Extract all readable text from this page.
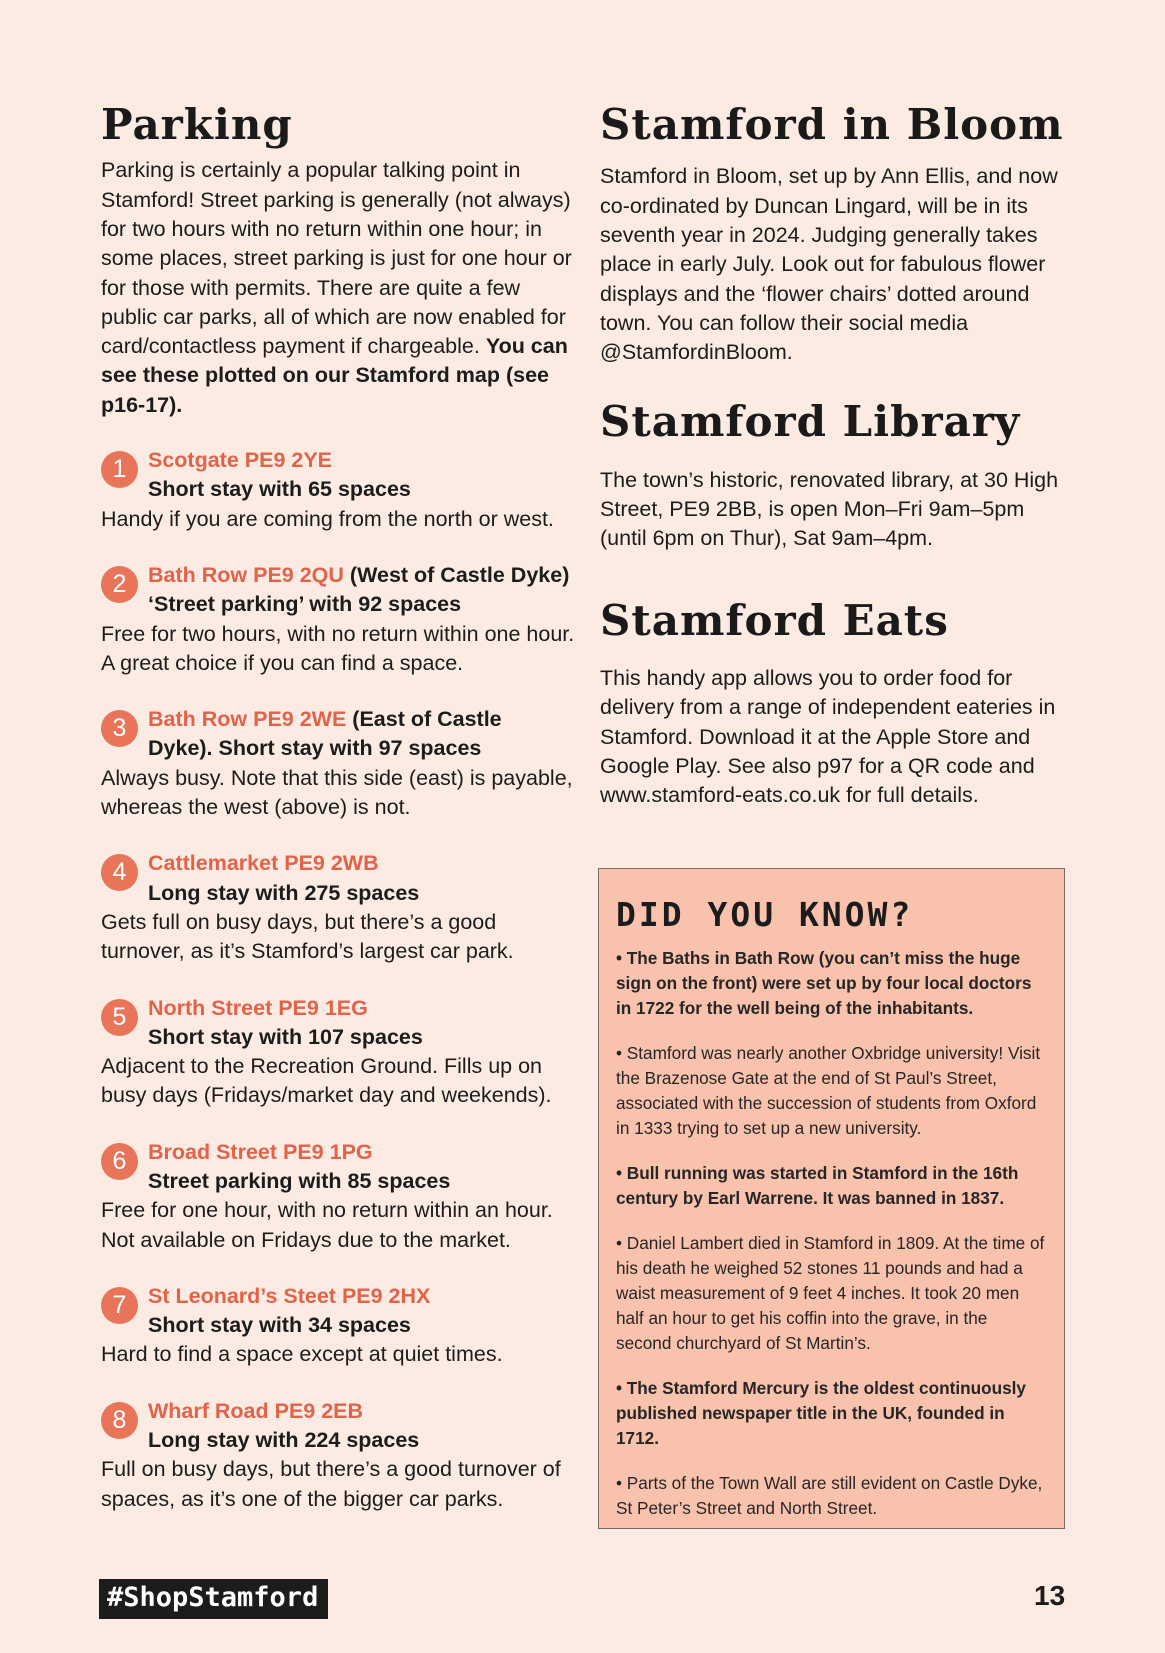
Parking

Parking is certainly a popular talking point in Stamford! Street parking is generally (not always) for two hours with no return within one hour; in some places, street parking is just for one hour or for those with permits. There are quite a few public car parks, all of which are now enabled for card/contactless payment if chargeable. You can see these plotted on our Stamford map (see p16-17).

1	Scotgate PE9 2YE
Short stay with 65 spaces
Handy if you are coming from the north or west.
2	Bath Row PE9 2QU (West of Castle Dyke)
‘Street parking’ with 92 spaces
Free for two hours, with no return within one hour. A great choice if you can find a space.
3	Bath Row PE9 2WE (East of Castle
Dyke). Short stay with 97 spaces
Always busy. Note that this side (east) is payable, whereas the west (above) is not.
4	Cattlemarket PE9 2WB
Long stay with 275 spaces
Gets full on busy days, but there’s a good turnover, as it’s Stamford’s largest car park.
5	North Street PE9 1EG
Short stay with 107 spaces
Adjacent to the Recreation Ground. Fills up on busy days (Fridays/market day and weekends).
6	Broad Street PE9 1PG
Street parking with 85 spaces
Free for one hour, with no return within an hour. Not available on Fridays due to the market.
7	St Leonard’s Steet PE9 2HX
Short stay with 34 spaces
Hard to find a space except at quiet times.
8	Wharf Road PE9 2EB
Long stay with 224 spaces
Full on busy days, but there’s a good turnover of spaces, as it’s one of the bigger car parks.
Stamford in Bloom

Stamford in Bloom, set up by Ann Ellis, and now co-ordinated by Duncan Lingard, will be in its seventh year in 2024. Judging generally takes place in early July. Look out for fabulous flower displays and the ‘flower chairs’ dotted around town. You can follow their social media @StamfordinBloom.

Stamford Library

The town’s historic, renovated library, at 30 High Street, PE9 2BB, is open Mon–Fri 9am–5pm (until 6pm on Thur), Sat 9am–4pm.

Stamford Eats

This handy app allows you to order food for delivery from a range of independent eateries in Stamford. Download it at the Apple Store and Google Play. See also p97 for a QR code and www.stamford-eats.co.uk for full details.

DID YOU KNOW?

• The Baths in Bath Row (you can’t miss the huge sign on the front) were set up by four local doctors in 1722 for the well being of the inhabitants.

• Stamford was nearly another Oxbridge university! Visit the Brazenose Gate at the end of St Paul’s Street, associated with the succession of students from Oxford in 1333 trying to set up a new university.

• Bull running was started in Stamford in the 16th century by Earl Warrene. It was banned in 1837.

• Daniel Lambert died in Stamford in 1809. At the time of his death he weighed 52 stones 11 pounds and had a waist measurement of 9 feet 4 inches. It took 20 men half an hour to get his coffin into the grave, in the second churchyard of St Martin’s.

• The Stamford Mercury is the oldest continuously published newspaper title in the UK, founded in 1712.

• Parts of the Town Wall are still evident on Castle Dyke, St Peter’s Street and North Street.

#ShopStamford	13
